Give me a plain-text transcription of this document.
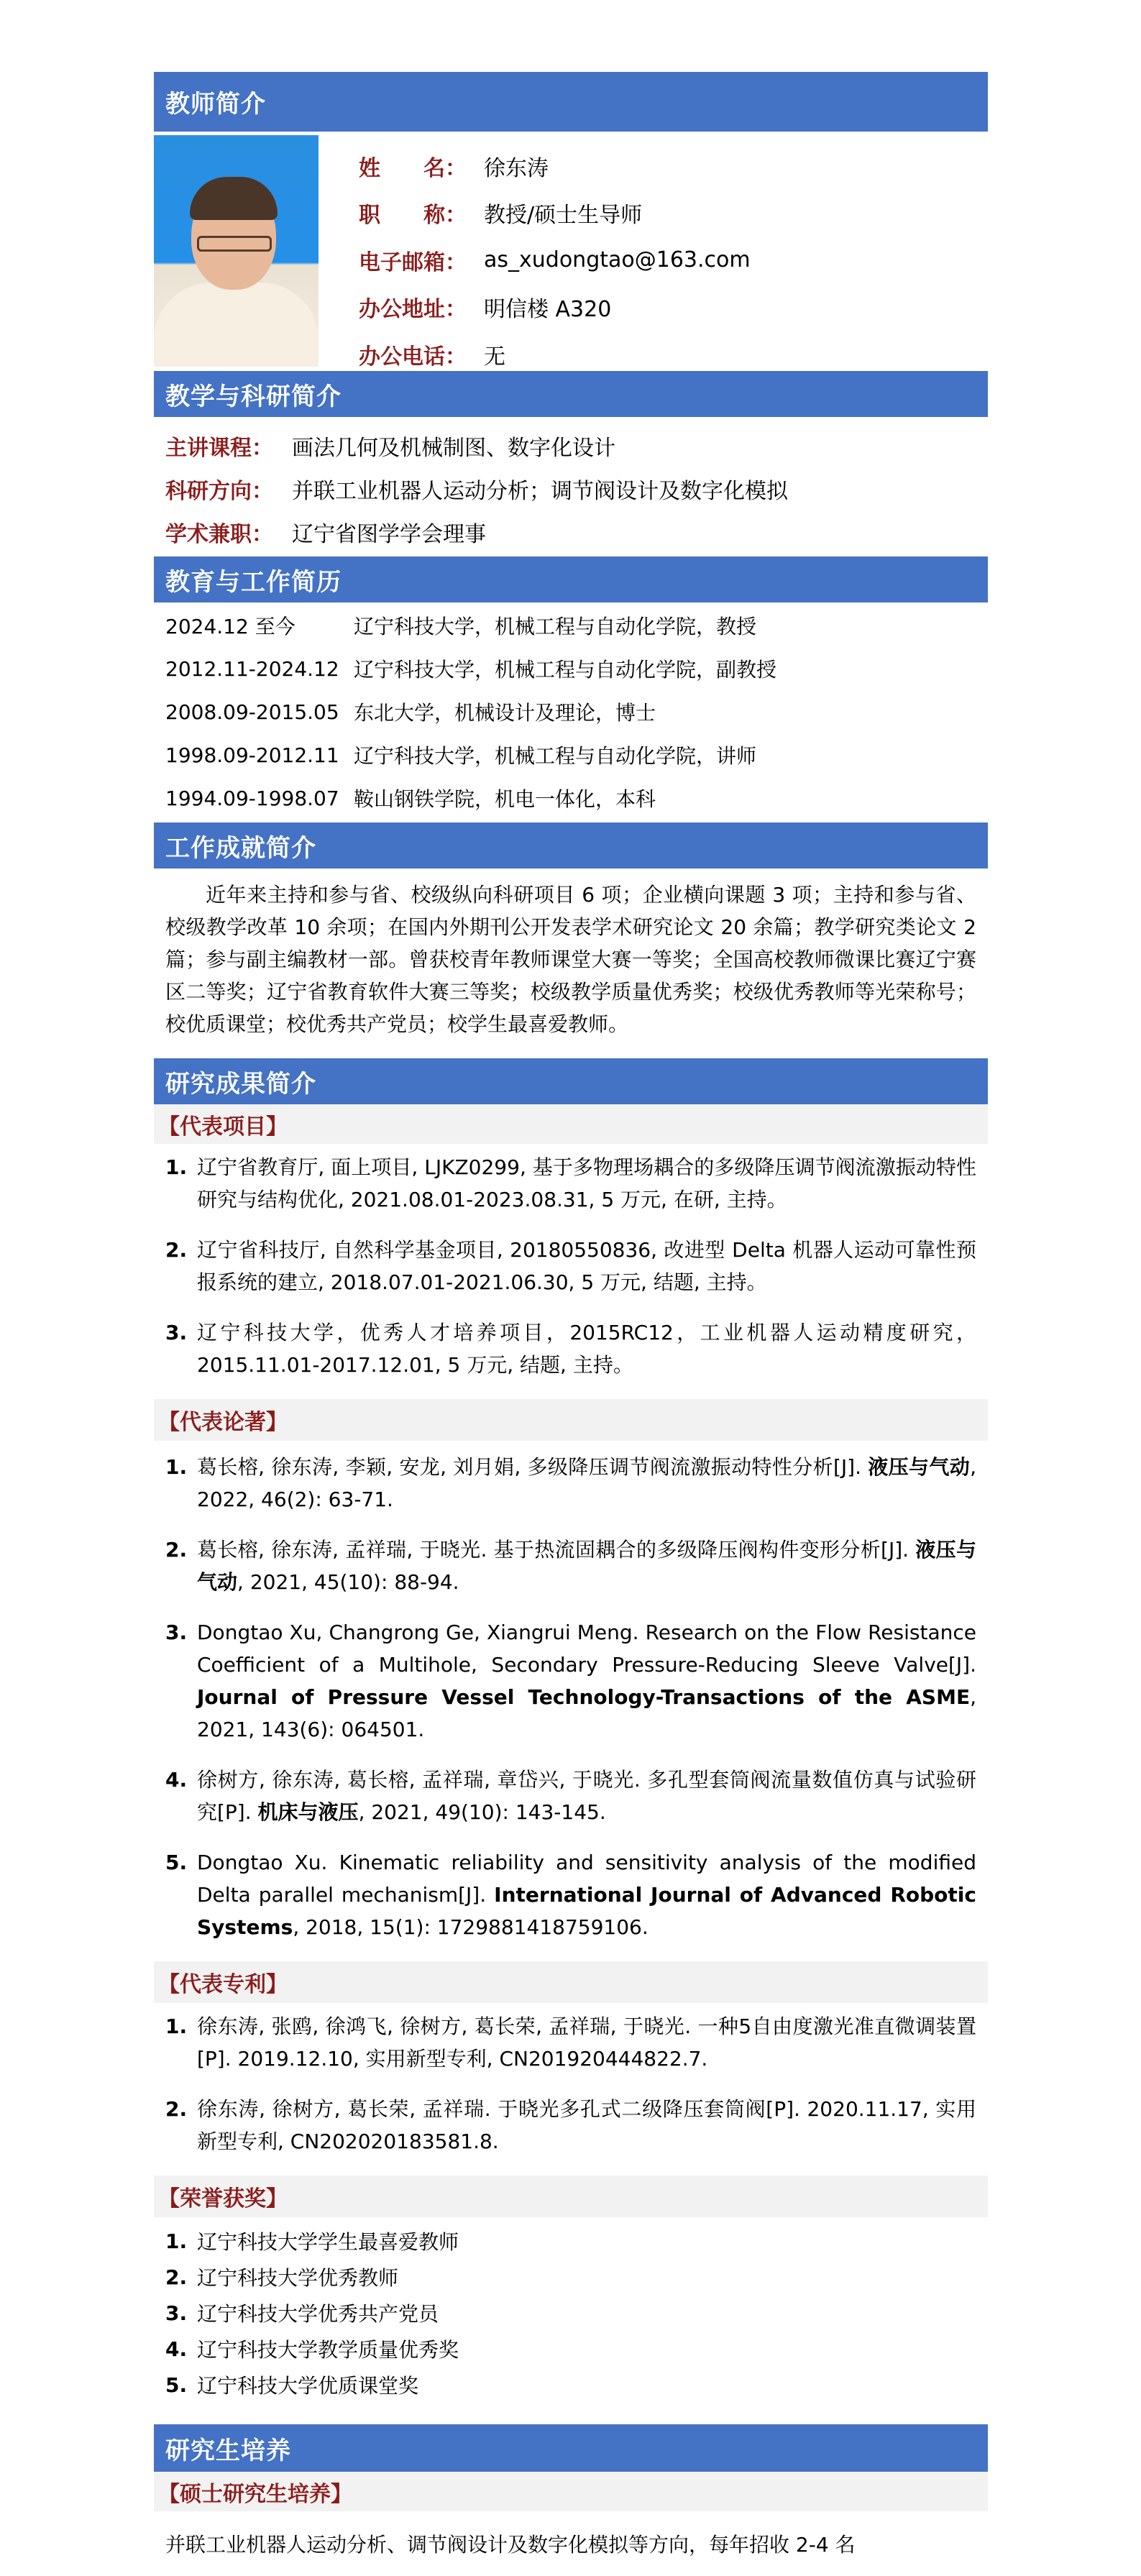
教师简介
姓 名： 徐东涛
职 称： 教授/硕士生导师
电子邮箱： as_xudongtao@163.com
办公地址： 明信楼 A320
办公电话： 无
教学与科研简介
主讲课程： 画法几何及机械制图、数字化设计
科研方向： 并联工业机器人运动分析；调节阀设计及数字化模拟
学术兼职： 辽宁省图学学会理事
教育与工作简历
2024.12 至今	辽宁科技大学，机械工程与自动化学院，教授
2012.11-2024.12 辽宁科技大学，机械工程与自动化学院，副教授
2008.09-2015.05 东北大学，机械设计及理论，博士
1998.09-2012.11 辽宁科技大学，机械工程与自动化学院，讲师
1994.09-1998.07 鞍山钢铁学院，机电一体化，本科
工作成就简介
近年来主持和参与省、校级纵向科研项目 6 项；企业横向课题 3 项；主持和参与省、校级教学改革 10 余项；在国内外期刊公开发表学术研究论文 20 余篇；教学研究类论文 2 篇；参与副主编教材一部。曾获校青年教师课堂大赛一等奖；全国高校教师微课比赛辽宁赛区二等奖；辽宁省教育软件大赛三等奖；校级教学质量优秀奖；校级优秀教师等光荣称号；校优质课堂；校优秀共产党员；校学生最喜爱教师。
研究成果简介
【代表项目】
1. 辽宁省教育厅, 面上项目, LJKZ0299, 基于多物理场耦合的多级降压调节阀流激振动特性研究与结构优化, 2021.08.01-2023.08.31, 5 万元, 在研, 主持。
2. 辽宁省科技厅, 自然科学基金项目, 20180550836, 改进型 Delta 机器人运动可靠性预报系统的建立, 2018.07.01-2021.06.30, 5 万元, 结题, 主持。
3. 辽宁科技大学，优秀人才培养项目，2015RC12，工业机器人运动精度研究，2015.11.01-2017.12.01, 5 万元, 结题, 主持。
【代表论著】
1. 葛长榕, 徐东涛, 李颖, 安龙, 刘月娟, 多级降压调节阀流激振动特性分析[J]. 液压与气动, 2022, 46(2): 63-71.
2. 葛长榕, 徐东涛, 孟祥瑞, 于晓光. 基于热流固耦合的多级降压阀构件变形分析[J]. 液压与气动, 2021, 45(10): 88-94.
3. Dongtao Xu, Changrong Ge, Xiangrui Meng. Research on the Flow Resistance Coefficient of a Multihole, Secondary Pressure-Reducing Sleeve Valve[J]. Journal of Pressure Vessel Technology-Transactions of the ASME, 2021, 143(6): 064501.
4. 徐树方, 徐东涛, 葛长榕, 孟祥瑞, 章岱兴, 于晓光. 多孔型套筒阀流量数值仿真与试验研究[P]. 机床与液压, 2021, 49(10): 143-145.
5. Dongtao Xu. Kinematic reliability and sensitivity analysis of the modified Delta parallel mechanism[J]. International Journal of Advanced Robotic Systems, 2018, 15(1): 1729881418759106.
【代表专利】
1. 徐东涛, 张鸥, 徐鸿飞, 徐树方, 葛长荣, 孟祥瑞, 于晓光. 一种5自由度激光准直微调装置[P]. 2019.12.10, 实用新型专利, CN201920444822.7.
2. 徐东涛, 徐树方, 葛长荣, 孟祥瑞. 于晓光多孔式二级降压套筒阀[P]. 2020.11.17, 实用新型专利, CN202020183581.8.
【荣誉获奖】
1. 辽宁科技大学学生最喜爱教师
2. 辽宁科技大学优秀教师
3. 辽宁科技大学优秀共产党员
4. 辽宁科技大学教学质量优秀奖
5. 辽宁科技大学优质课堂奖
研究生培养
【硕士研究生培养】
并联工业机器人运动分析、调节阀设计及数字化模拟等方向，每年招收 2-4 名
